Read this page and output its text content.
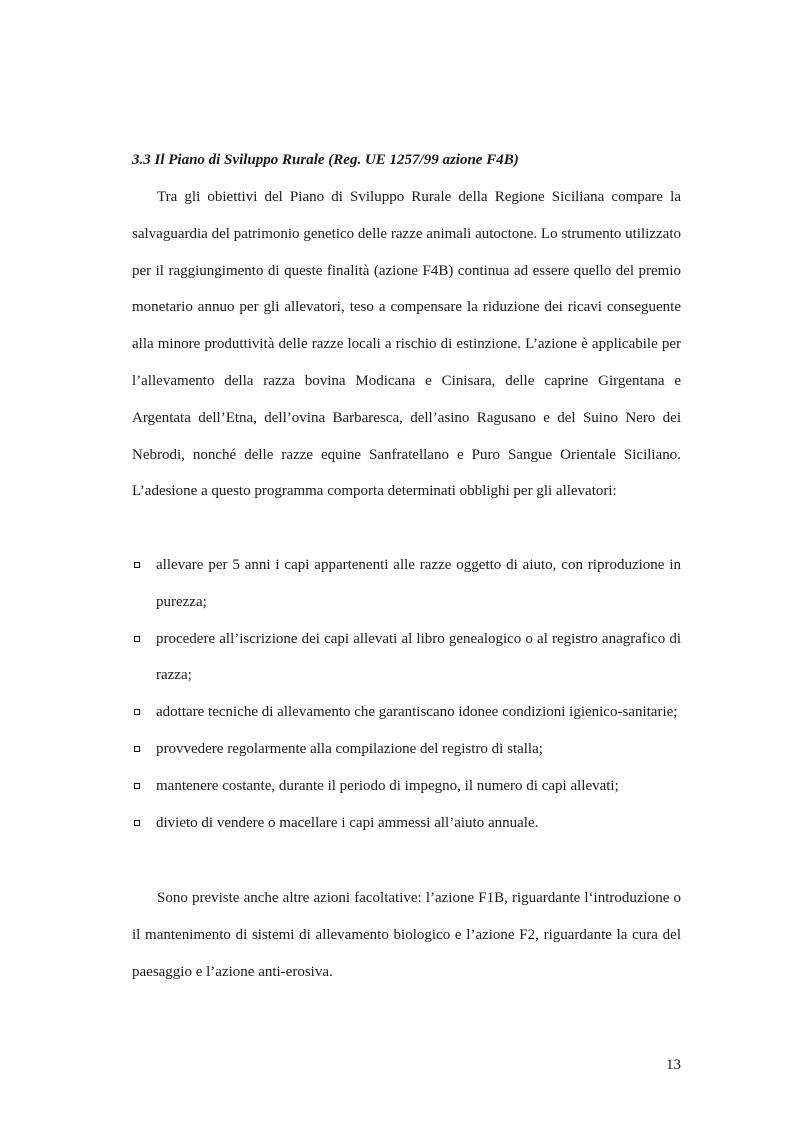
3.3 Il Piano di Sviluppo Rurale (Reg. UE 1257/99 azione F4B)

Tra gli obiettivi del Piano di Sviluppo Rurale della Regione Siciliana compare la salvaguardia del patrimonio genetico delle razze animali autoctone. Lo strumento utilizzato per il raggiungimento di queste finalità (azione F4B) continua ad essere quello del premio monetario annuo per gli allevatori, teso a compensare la riduzione dei ricavi conseguente alla minore produttività delle razze locali a rischio di estinzione. L’azione è applicabile per l’allevamento della razza bovina Modicana e Cinisara, delle caprine Girgentana e Argentata dell’Etna, dell’ovina Barbaresca, dell’asino Ragusano e del Suino Nero dei Nebrodi, nonché delle razze equine Sanfratellano e Puro Sangue Orientale Siciliano. L’adesione a questo programma comporta determinati obblighi per gli allevatori:

allevare per 5 anni i capi appartenenti alle razze oggetto di aiuto, con riproduzione in purezza;
procedere all’iscrizione dei capi allevati al libro genealogico o al registro anagrafico di razza;
adottare tecniche di allevamento che garantiscano idonee condizioni igienico-sanitarie;
provvedere regolarmente alla compilazione del registro di stalla;
mantenere costante, durante il periodo di impegno, il numero di capi allevati;
divieto di vendere o macellare i capi ammessi all’aiuto annuale.

Sono previste anche altre azioni facoltative: l’azione F1B, riguardante l‘introduzione o il mantenimento di sistemi di allevamento biologico e l’azione F2, riguardante la cura del paesaggio e l’azione anti-erosiva.

13
